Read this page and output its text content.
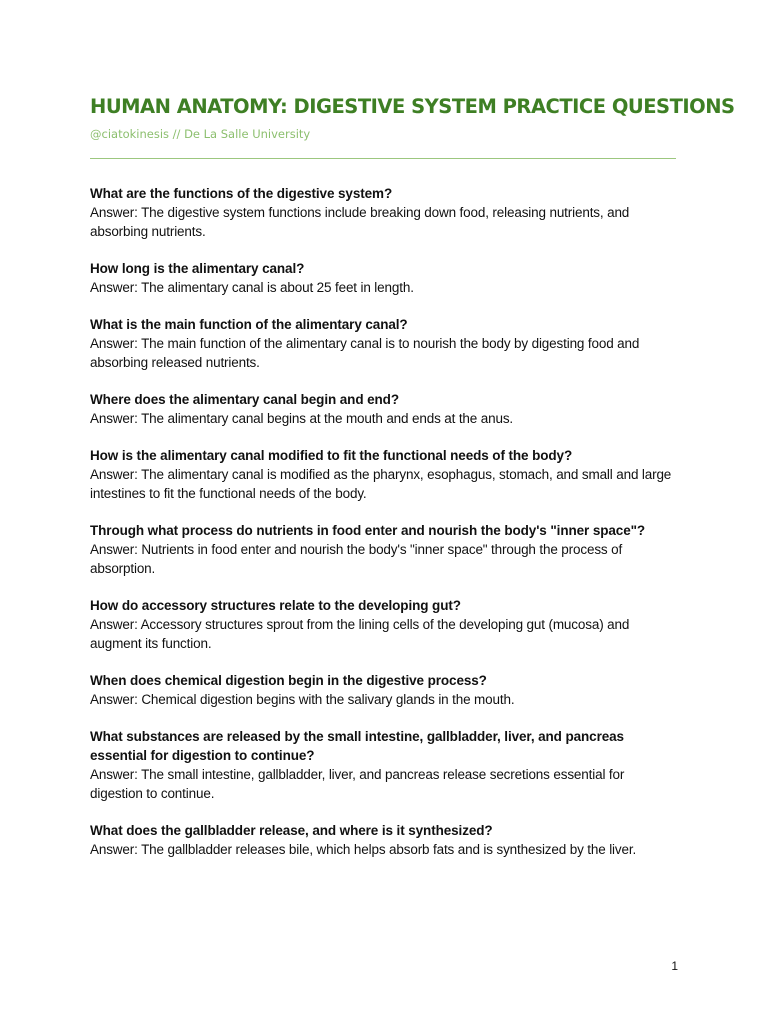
HUMAN ANATOMY: DIGESTIVE SYSTEM PRACTICE QUESTIONS
@ciatokinesis // De La Salle University
What are the functions of the digestive system?
Answer: The digestive system functions include breaking down food, releasing nutrients, and absorbing nutrients.
How long is the alimentary canal?
Answer: The alimentary canal is about 25 feet in length.
What is the main function of the alimentary canal?
Answer: The main function of the alimentary canal is to nourish the body by digesting food and absorbing released nutrients.
Where does the alimentary canal begin and end?
Answer: The alimentary canal begins at the mouth and ends at the anus.
How is the alimentary canal modified to fit the functional needs of the body?
Answer: The alimentary canal is modified as the pharynx, esophagus, stomach, and small and large intestines to fit the functional needs of the body.
Through what process do nutrients in food enter and nourish the body's "inner space"?
Answer: Nutrients in food enter and nourish the body's "inner space" through the process of absorption.
How do accessory structures relate to the developing gut?
Answer: Accessory structures sprout from the lining cells of the developing gut (mucosa) and augment its function.
When does chemical digestion begin in the digestive process?
Answer: Chemical digestion begins with the salivary glands in the mouth.
What substances are released by the small intestine, gallbladder, liver, and pancreas essential for digestion to continue?
Answer: The small intestine, gallbladder, liver, and pancreas release secretions essential for digestion to continue.
What does the gallbladder release, and where is it synthesized?
Answer: The gallbladder releases bile, which helps absorb fats and is synthesized by the liver.
1
